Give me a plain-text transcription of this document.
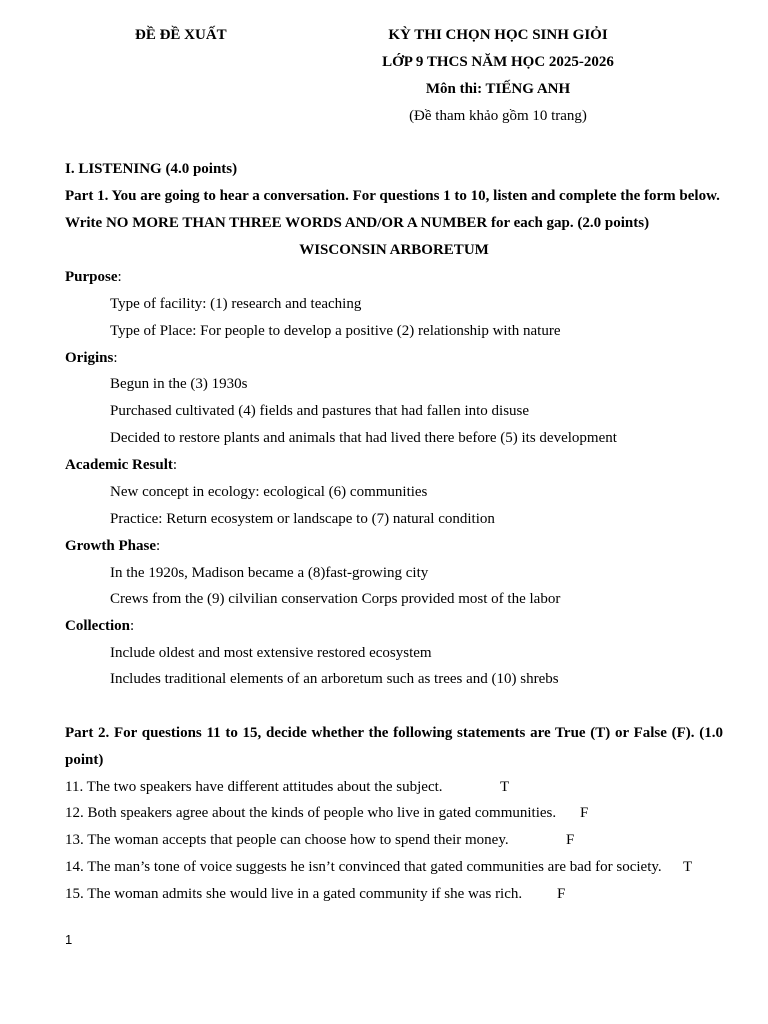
ĐỀ ĐỀ XUẤT	KỲ THI CHỌN HỌC SINH GIỎI
LỚP 9 THCS NĂM HỌC 2025-2026
Môn thi: TIẾNG ANH
(Đề tham khảo gồm 10 trang)
I. LISTENING (4.0 points)
Part 1. You are going to hear a conversation. For questions 1 to 10, listen and complete the form below.
Write NO MORE THAN THREE WORDS AND/OR A NUMBER for each gap. (2.0 points)
WISCONSIN ARBORETUM
Purpose:
Type of facility: (1) research and teaching
Type of Place: For people to develop a positive (2) relationship with nature
Origins:
Begun in the (3) 1930s
Purchased cultivated (4) fields and pastures that had fallen into disuse
Decided to restore plants and animals that had lived there before (5) its development
Academic Result:
New concept in ecology: ecological (6) communities
Practice: Return ecosystem or landscape to (7) natural condition
Growth Phase:
In the 1920s, Madison became a (8)fast-growing city
Crews from the (9) cilvilian conservation Corps provided most of the labor
Collection:
Include oldest and most extensive restored ecosystem
Includes traditional elements of an arboretum such as trees and (10) shrebs
Part 2. For questions 11 to 15, decide whether the following statements are True (T) or False (F). (1.0
point)
11. The two speakers have different attitudes about the subject.	T
12. Both speakers agree about the kinds of people who live in gated communities. F
13. The woman accepts that people can choose how to spend their money.	F
14. The man’s tone of voice suggests he isn’t convinced that gated communities are bad for society. T
15. The woman admits she would live in a gated community if she was rich. F
1
